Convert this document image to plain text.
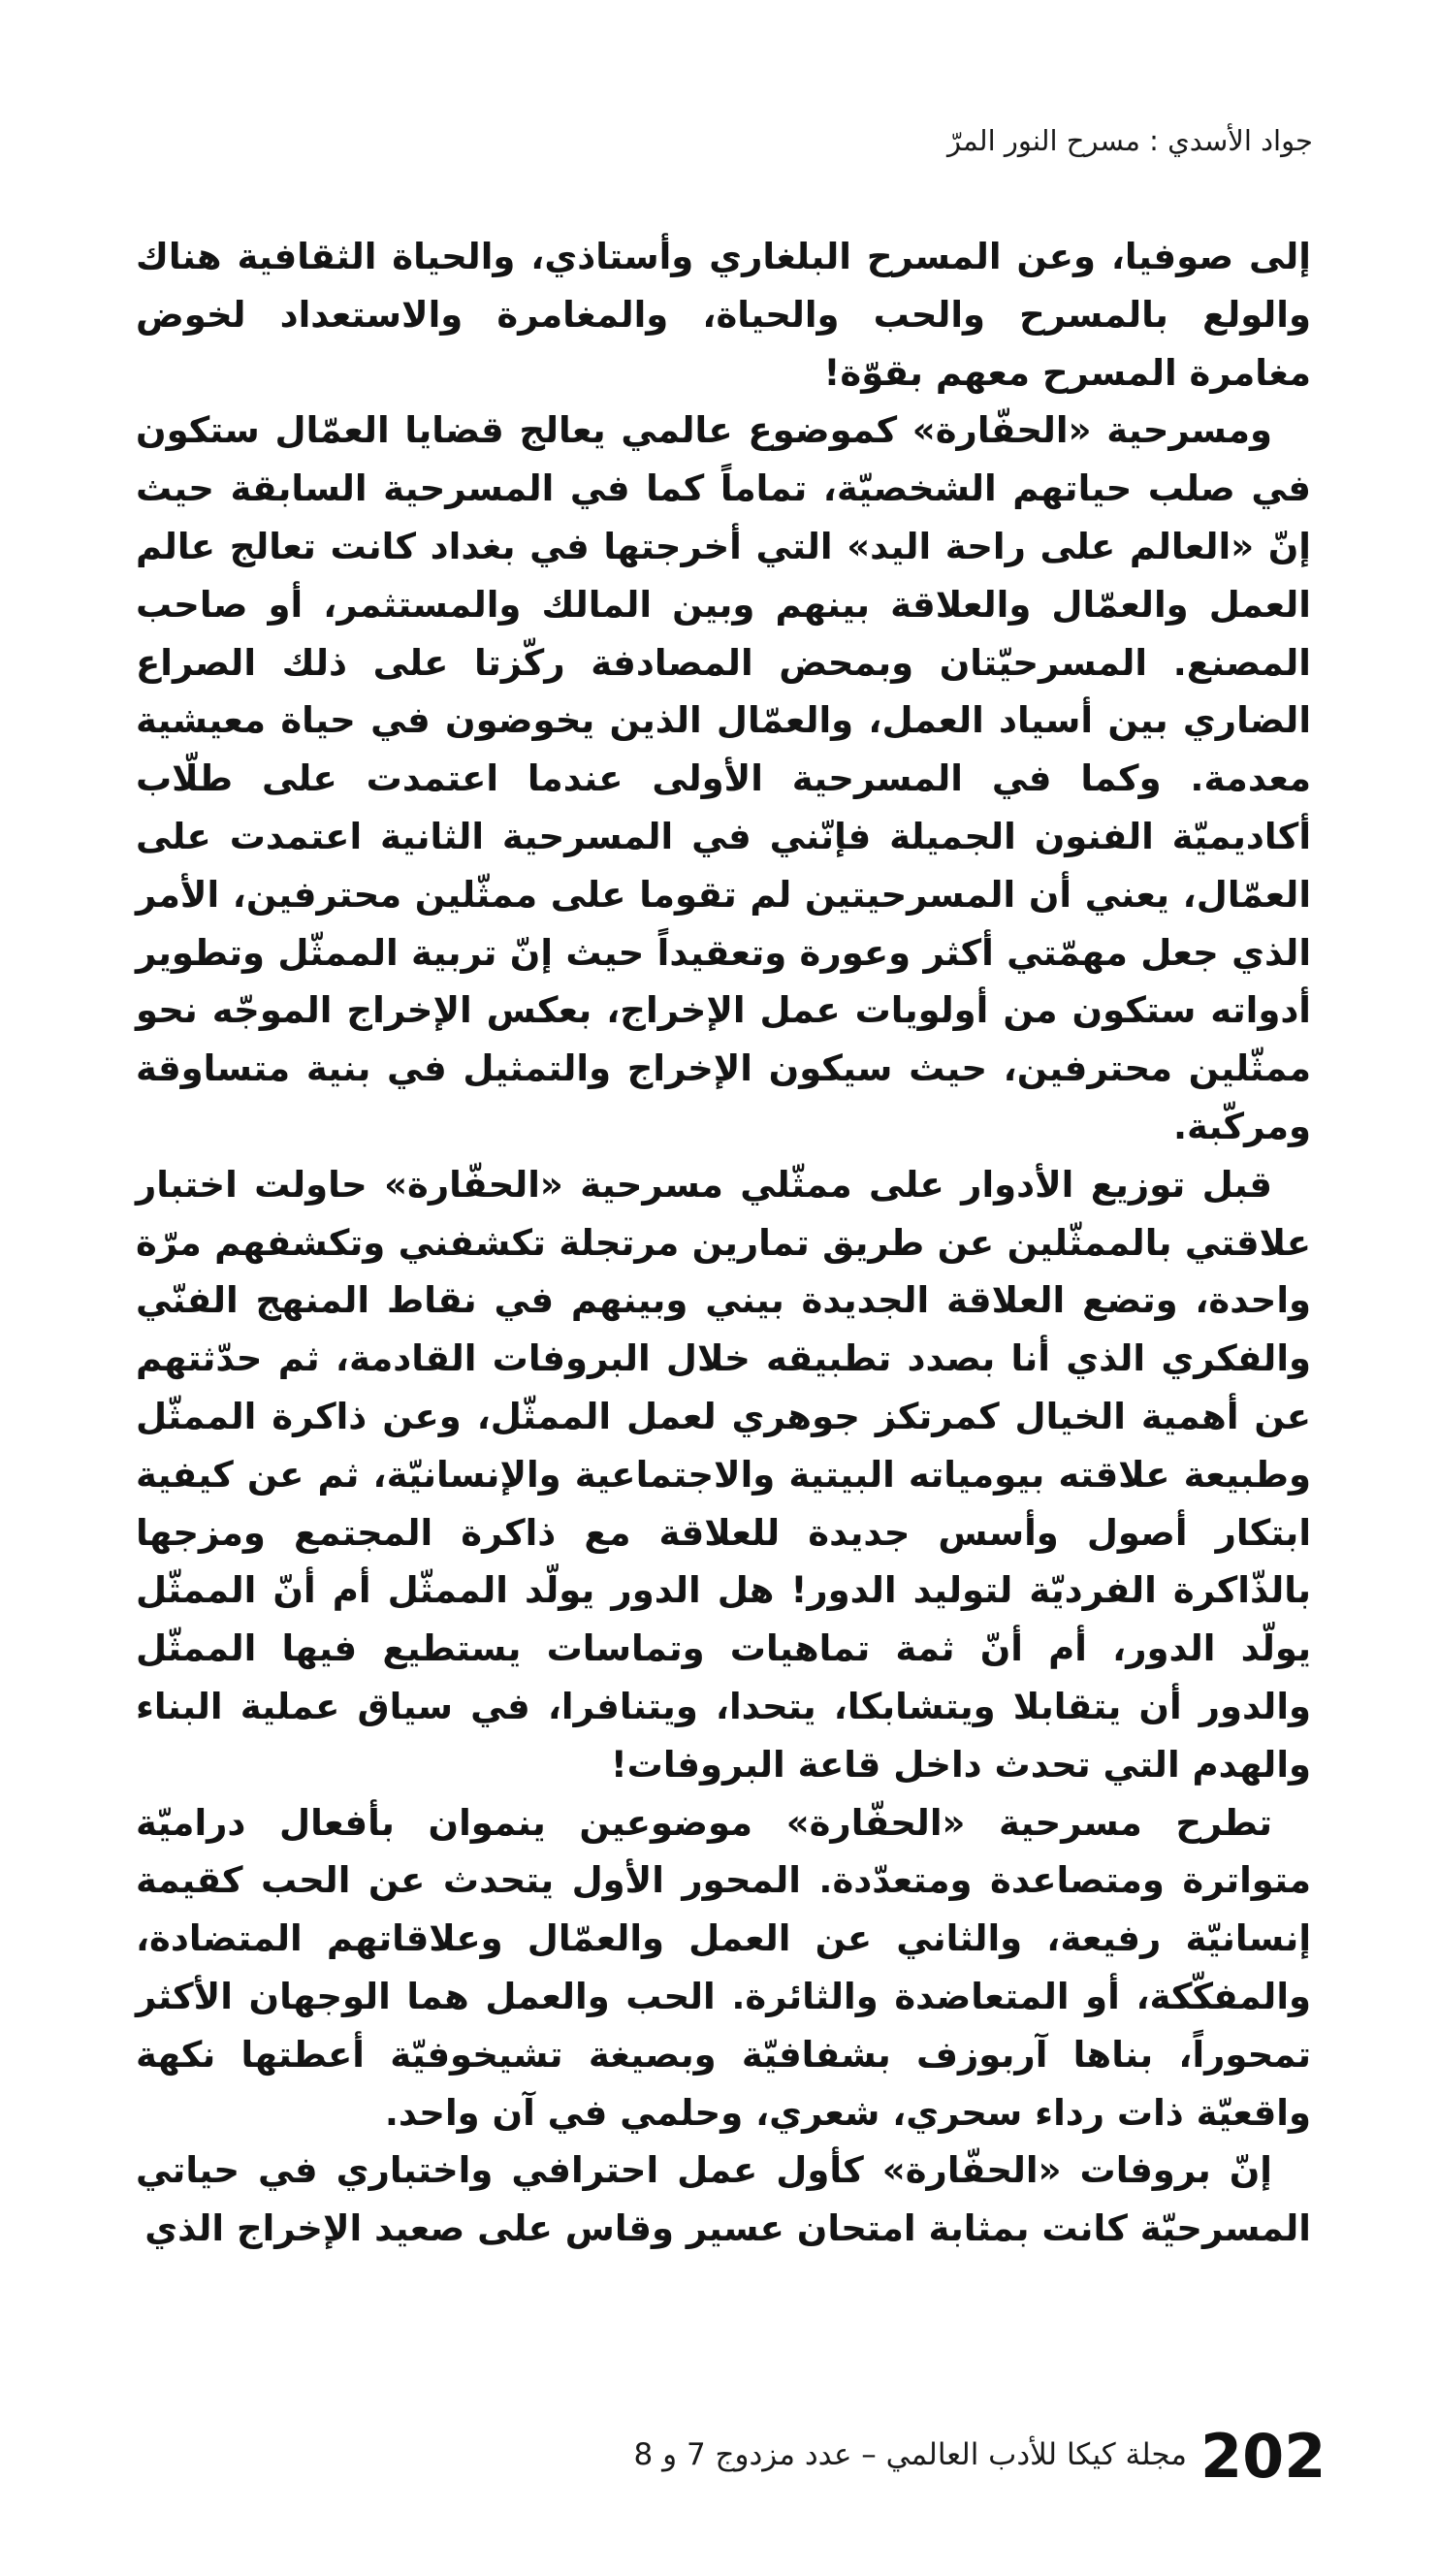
جواد الأسدي : مسرح النور المرّ

إلى صوفيا، وعن المسرح البلغاري وأستاذي، والحياة الثقافية هناك والولع بالمسرح والحب والحياة، والمغامرة والاستعداد لخوض مغامرة المسرح معهم بقوّة!

ومسرحية «الحفّارة» كموضوع عالمي يعالج قضايا العمّال ستكون في صلب حياتهم الشخصيّة، تماماً كما في المسرحية السابقة حيث إنّ «العالم على راحة اليد» التي أخرجتها في بغداد كانت تعالج عالم العمل والعمّال والعلاقة بينهم وبين المالك والمستثمر، أو صاحب المصنع. المسرحيّتان وبمحض المصادفة ركّزتا على ذلك الصراع الضاري بين أسياد العمل، والعمّال الذين يخوضون في حياة معيشية معدمة. وكما في المسرحية الأولى عندما اعتمدت على طلّاب أكاديميّة الفنون الجميلة فإنّني في المسرحية الثانية اعتمدت على العمّال، يعني أن المسرحيتين لم تقوما على ممثّلين محترفين، الأمر الذي جعل مهمّتي أكثر وعورة وتعقيداً حيث إنّ تربية الممثّل وتطوير أدواته ستكون من أولويات عمل الإخراج، بعكس الإخراج الموجّه نحو ممثّلين محترفين، حيث سيكون الإخراج والتمثيل في بنية متساوقة ومركّبة.

قبل توزيع الأدوار على ممثّلي مسرحية «الحفّارة» حاولت اختبار علاقتي بالممثّلين عن طريق تمارين مرتجلة تكشفني وتكشفهم مرّة واحدة، وتضع العلاقة الجديدة بيني وبينهم في نقاط المنهج الفنّي والفكري الذي أنا بصدد تطبيقه خلال البروفات القادمة، ثم حدّثتهم عن أهمية الخيال كمرتكز جوهري لعمل الممثّل، وعن ذاكرة الممثّل وطبيعة علاقته بيومياته البيتية والاجتماعية والإنسانيّة، ثم عن كيفية ابتكار أصول وأسس جديدة للعلاقة مع ذاكرة المجتمع ومزجها بالذّاكرة الفرديّة لتوليد الدور! هل الدور يولّد الممثّل أم أنّ الممثّل يولّد الدور، أم أنّ ثمة تماهيات وتماسات يستطيع فيها الممثّل والدور أن يتقابلا ويتشابكا، يتحدا، ويتنافرا، في سياق عملية البناء والهدم التي تحدث داخل قاعة البروفات!

تطرح مسرحية «الحفّارة» موضوعين ينموان بأفعال دراميّة متواترة ومتصاعدة ومتعدّدة. المحور الأول يتحدث عن الحب كقيمة إنسانيّة رفيعة، والثاني عن العمل والعمّال وعلاقاتهم المتضادة، والمفكّكة، أو المتعاضدة والثائرة. الحب والعمل هما الوجهان الأكثر تمحوراً، بناها آربوزف بشفافيّة وبصيغة تشيخوفيّة أعطتها نكهة واقعيّة ذات رداء سحري، شعري، وحلمي في آن واحد.

إنّ بروفات «الحفّارة» كأول عمل احترافي واختباري في حياتي المسرحيّة كانت بمثابة امتحان عسير وقاس على صعيد الإخراج الذي

مجلة كيكا للأدب العالمي – عدد مزدوج 7 و 8 202
